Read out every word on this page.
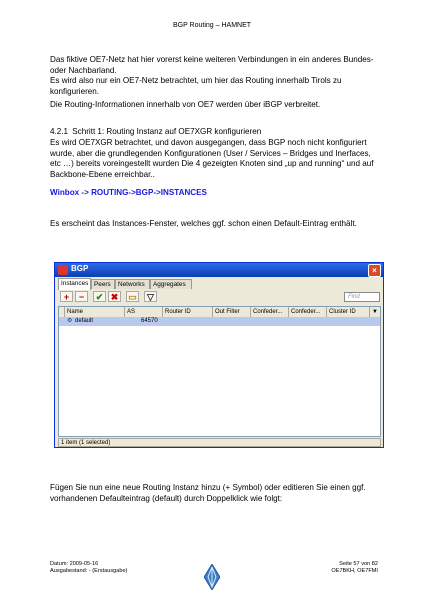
BGP Routing – HAMNET

Das fiktive OE7-Netz hat hier vorerst keine weiteren Verbindungen in ein anderes Bundes- oder Nachbarland.

Es wird also nur ein OE7-Netz betrachtet, um hier das Routing innerhalb Tirols zu konfigurieren.

Die Routing-Informationen innerhalb von OE7 werden über iBGP verbreitet.

4.2.1 Schritt 1: Routing Instanz auf OE7XGR konfigurieren

Es wird OE7XGR betrachtet, und davon ausgegangen, dass BGP noch nicht konfiguriert wurde, aber die grundlegenden Konfigurationen (User / Services – Bridges und Inerfaces, etc …) bereits voreingestellt wurden Die 4 gezeigten Knoten sind „up and running“ und auf Backbone-Ebene erreichbar..

Winbox -> ROUTING->BGP->INSTANCES

Es erscheint das Instances-Fenster, welches ggf. schon einen Default-Eintrag enthält.

BGP	×
Instances Peers	Networks	Aggregates
+	−	✔ ✖	▭	▽	Find
Name	AS	Router ID	Out Filter	Confeder...	Confeder...	Cluster ID	▼
⚙ default	64570
1 item (1 selected)

Fügen Sie nun eine neue Routing Instanz hinzu (+ Symbol) oder editieren Sie einen ggf. vorhandenen Defaulteintrag (default) durch Doppelklick wie folgt:

Datum: 2009-05-16
Ausgabestand: - (Erstausgabe)
Seite 57 von 82
OE7BKH, OE7FMI
